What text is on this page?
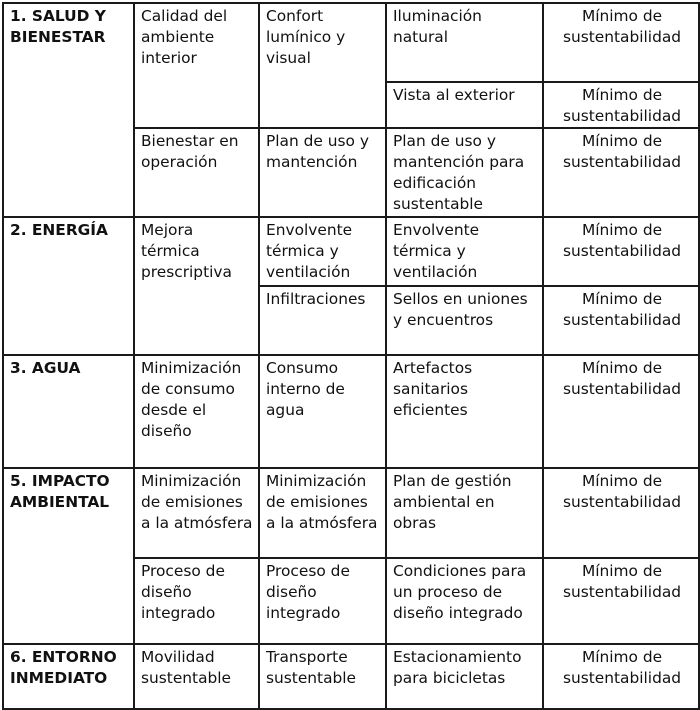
1. SALUD Y BIENESTAR	Calidad del ambiente interior	Confort lumínico y visual	Iluminación natural	Mínimo de sustentabilidad
			Vista al exterior	Mínimo de sustentabilidad
	Bienestar en operación	Plan de uso y mantención	Plan de uso y mantención para edificación sustentable	Mínimo de sustentabilidad
2. ENERGÍA	Mejora térmica prescriptiva	Envolvente térmica y ventilación	Envolvente térmica y ventilación	Mínimo de sustentabilidad
		Infiltraciones	Sellos en uniones y encuentros	Mínimo de sustentabilidad
3. AGUA	Minimización de consumo desde el diseño	Consumo interno de agua	Artefactos sanitarios eficientes	Mínimo de sustentabilidad
5. IMPACTO AMBIENTAL	Minimización de emisiones a la atmósfera	Minimización de emisiones a la atmósfera	Plan de gestión ambiental en obras	Mínimo de sustentabilidad
	Proceso de diseño integrado	Proceso de diseño integrado	Condiciones para un proceso de diseño integrado	Mínimo de sustentabilidad
6. ENTORNO INMEDIATO	Movilidad sustentable	Transporte sustentable	Estacionamiento para bicicletas	Mínimo de sustentabilidad
